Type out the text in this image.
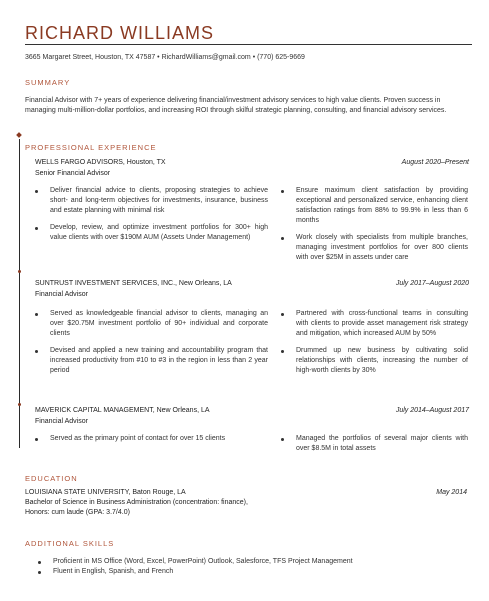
RICHARD WILLIAMS
3665 Margaret Street, Houston, TX 47587 • RichardWilliams@gmail.com • (770) 625-9669
SUMMARY
Financial Advisor with 7+ years of experience delivering financial/investment advisory services to high value clients. Proven success in managing multi-million-dollar portfolios, and increasing ROI through skilful strategic planning, consulting, and financial advisory services.
PROFESSIONAL EXPERIENCE
WELLS FARGO ADVISORS, Houston, TX	August 2020–Present
Senior Financial Advisor
Deliver financial advice to clients, proposing strategies to achieve short- and long-term objectives for investments, insurance, business and estate planning with minimal risk
Develop, review, and optimize investment portfolios for 300+ high value clients with over $190M AUM (Assets Under Management)
Ensure maximum client satisfaction by providing exceptional and personalized service, enhancing client satisfaction ratings from 88% to 99.9% in less than 6 months
Work closely with specialists from multiple branches, managing investment portfolios for over 800 clients with over $25M in assets under care
SUNTRUST INVESTMENT SERVICES, INC., New Orleans, LA	July 2017–August 2020
Financial Advisor
Served as knowledgeable financial advisor to clients, managing an over $20.75M investment portfolio of 90+ individual and corporate clients
Devised and applied a new training and accountability program that increased productivity from #10 to #3 in the region in less than 2 year period
Partnered with cross-functional teams in consulting with clients to provide asset management risk strategy and mitigation, which increased AUM by 50%
Drummed up new business by cultivating solid relationships with clients, increasing the number of high-worth clients by 30%
MAVERICK CAPITAL MANAGEMENT, New Orleans, LA	July 2014–August 2017
Financial Advisor
Served as the primary point of contact for over 15 clients	Managed the portfolios of several major clients with over $8.5M in total assets
EDUCATION
LOUISIANA STATE UNIVERSITY, Baton Rouge, LA	May 2014
Bachelor of Science in Business Administration (concentration: finance),
Honors: cum laude (GPA: 3.7/4.0)
ADDITIONAL SKILLS
Proficient in MS Office (Word, Excel, PowerPoint) Outlook, Salesforce, TFS Project Management
Fluent in English, Spanish, and French
